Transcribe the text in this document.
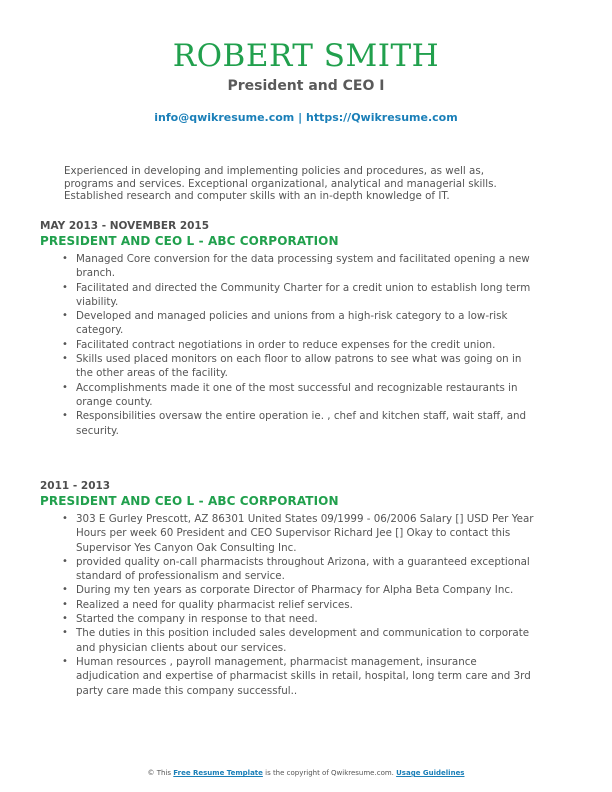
ROBERT SMITH
President and CEO I
info@qwikresume.com | https://Qwikresume.com
Experienced in developing and implementing policies and procedures, as well as, programs and services. Exceptional organizational, analytical and managerial skills. Established research and computer skills with an in-depth knowledge of IT.
MAY 2013 - NOVEMBER 2015
PRESIDENT AND CEO L - ABC CORPORATION
• Managed Core conversion for the data processing system and facilitated opening a new branch.
• Facilitated and directed the Community Charter for a credit union to establish long term viability.
• Developed and managed policies and unions from a high-risk category to a low-risk category.
• Facilitated contract negotiations in order to reduce expenses for the credit union.
• Skills used placed monitors on each floor to allow patrons to see what was going on in the other areas of the facility.
• Accomplishments made it one of the most successful and recognizable restaurants in orange county.
• Responsibilities oversaw the entire operation ie. , chef and kitchen staff, wait staff, and security.
2011 - 2013
PRESIDENT AND CEO L - ABC CORPORATION
• 303 E Gurley Prescott, AZ 86301 United States 09/1999 - 06/2006 Salary [] USD Per Year Hours per week 60 President and CEO Supervisor Richard Jee [] Okay to contact this Supervisor Yes Canyon Oak Consulting Inc.
• provided quality on-call pharmacists throughout Arizona, with a guaranteed exceptional standard of professionalism and service.
• During my ten years as corporate Director of Pharmacy for Alpha Beta Company Inc.
• Realized a need for quality pharmacist relief services.
• Started the company in response to that need.
• The duties in this position included sales development and communication to corporate and physician clients about our services.
• Human resources , payroll management, pharmacist management, insurance adjudication and expertise of pharmacist skills in retail, hospital, long term care and 3rd party care made this company successful..
© This Free Resume Template is the copyright of Qwikresume.com. Usage Guidelines
